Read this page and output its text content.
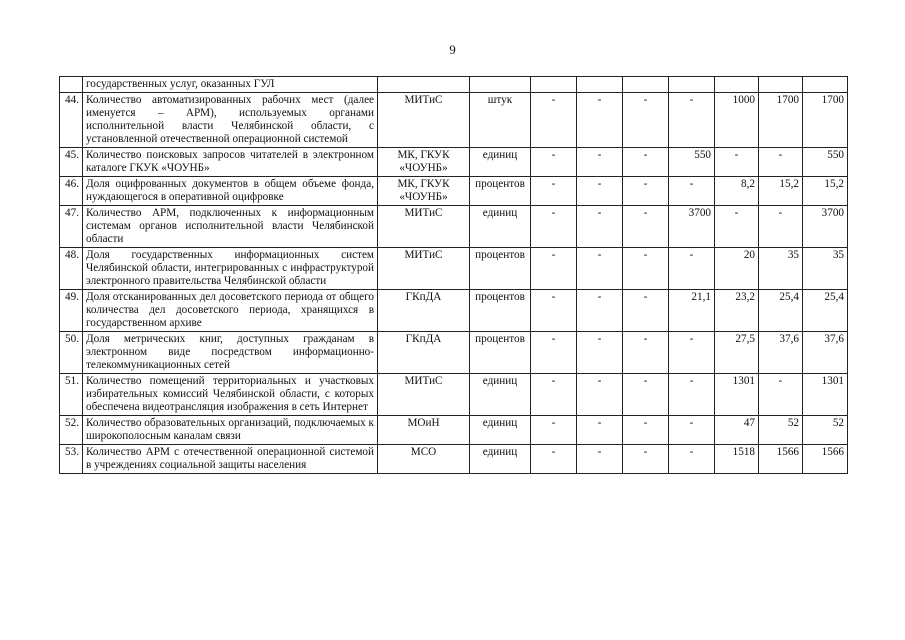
9
	государственных услуг, оказанных ГУЛ									
44.	Количество автоматизированных рабочих мест (далее именуется – АРМ), используемых органами исполнительной власти Челябинской области, с установленной отечественной операционной системой	МИТиС	штук	-	-	-	-	1000	1700	1700
45.	Количество поисковых запросов читателей в электронном каталоге ГКУК «ЧОУНБ»	МК, ГКУК «ЧОУНБ»	единиц	-	-	-	550	-	-	550
46.	Доля оцифрованных документов в общем объеме фонда, нуждающегося в оперативной оцифровке	МК, ГКУК «ЧОУНБ»	процентов	-	-	-	-	8,2	15,2	15,2
47.	Количество АРМ, подключенных к информационным системам органов исполнительной власти Челябинской области	МИТиС	единиц	-	-	-	3700	-	-	3700
48.	Доля государственных информационных систем Челябинской области, интегрированных с инфраструктурой электронного правительства Челябинской области	МИТиС	процентов	-	-	-	-	20	35	35
49.	Доля отсканированных дел досоветского периода от общего количества дел досоветского периода, хранящихся в государственном архиве	ГКпДА	процентов	-	-	-	21,1	23,2	25,4	25,4
50.	Доля метрических книг, доступных гражданам в электронном виде посредством информационно-телекоммуникационных сетей	ГКпДА	процентов	-	-	-	-	27,5	37,6	37,6
51.	Количество помещений территориальных и участковых избирательных комиссий Челябинской области, с которых обеспечена видеотрансляция изображения в сеть Интернет	МИТиС	единиц	-	-	-	-	1301	-	1301
52.	Количество образовательных организаций, подключаемых к широкополосным каналам связи	МОиН	единиц	-	-	-	-	47	52	52
53.	Количество АРМ с отечественной операционной системой в учреждениях социальной защиты населения	МСО	единиц	-	-	-	-	1518	1566	1566
